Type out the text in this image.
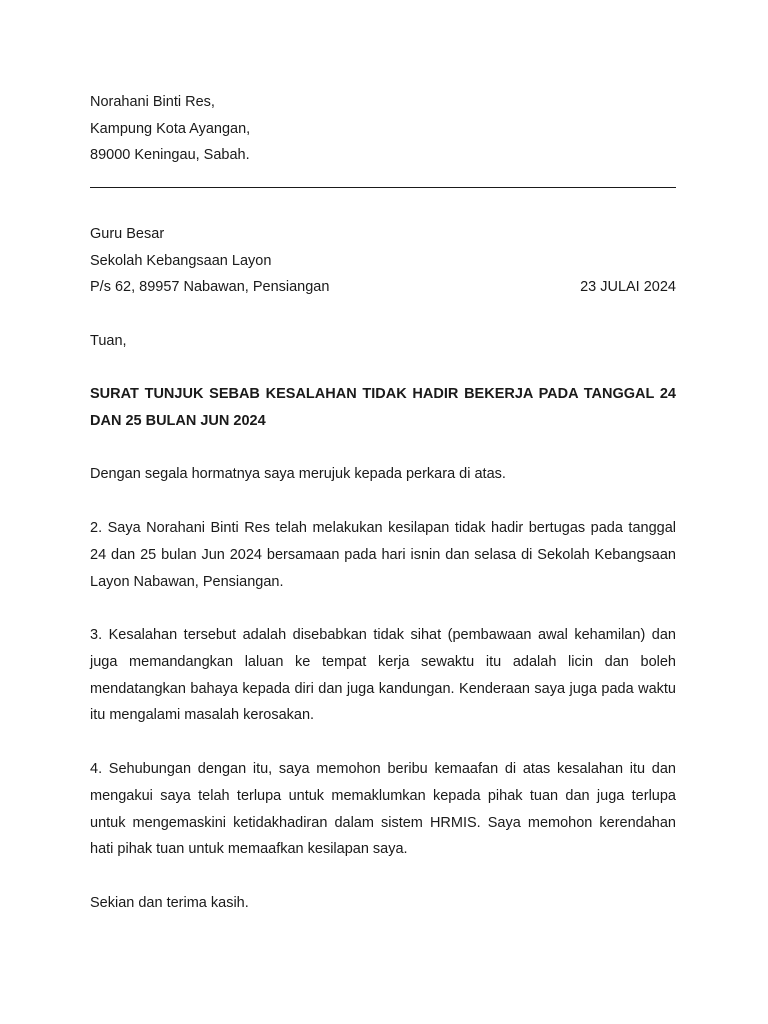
Norahani Binti Res,
Kampung Kota Ayangan,
89000 Keningau, Sabah.
Guru Besar
Sekolah Kebangsaan Layon
P/s 62, 89957 Nabawan, Pensiangan	23 JULAI 2024
Tuan,

SURAT TUNJUK SEBAB KESALAHAN TIDAK HADIR BEKERJA PADA TANGGAL 24 DAN 25 BULAN JUN 2024

Dengan segala hormatnya saya merujuk kepada perkara di atas.

2. Saya Norahani Binti Res telah melakukan kesilapan tidak hadir bertugas pada tanggal 24 dan 25 bulan Jun 2024 bersamaan pada hari isnin dan selasa di Sekolah Kebangsaan Layon Nabawan, Pensiangan.

3. Kesalahan tersebut adalah disebabkan tidak sihat (pembawaan awal kehamilan) dan juga memandangkan laluan ke tempat kerja sewaktu itu adalah licin dan boleh mendatangkan bahaya kepada diri dan juga kandungan. Kenderaan saya juga pada waktu itu mengalami masalah kerosakan.

4. Sehubungan dengan itu, saya memohon beribu kemaafan di atas kesalahan itu dan mengakui saya telah terlupa untuk memaklumkan kepada pihak tuan dan juga terlupa untuk mengemaskini ketidakhadiran dalam sistem HRMIS. Saya memohon kerendahan hati pihak tuan untuk memaafkan kesilapan saya.

Sekian dan terima kasih.
